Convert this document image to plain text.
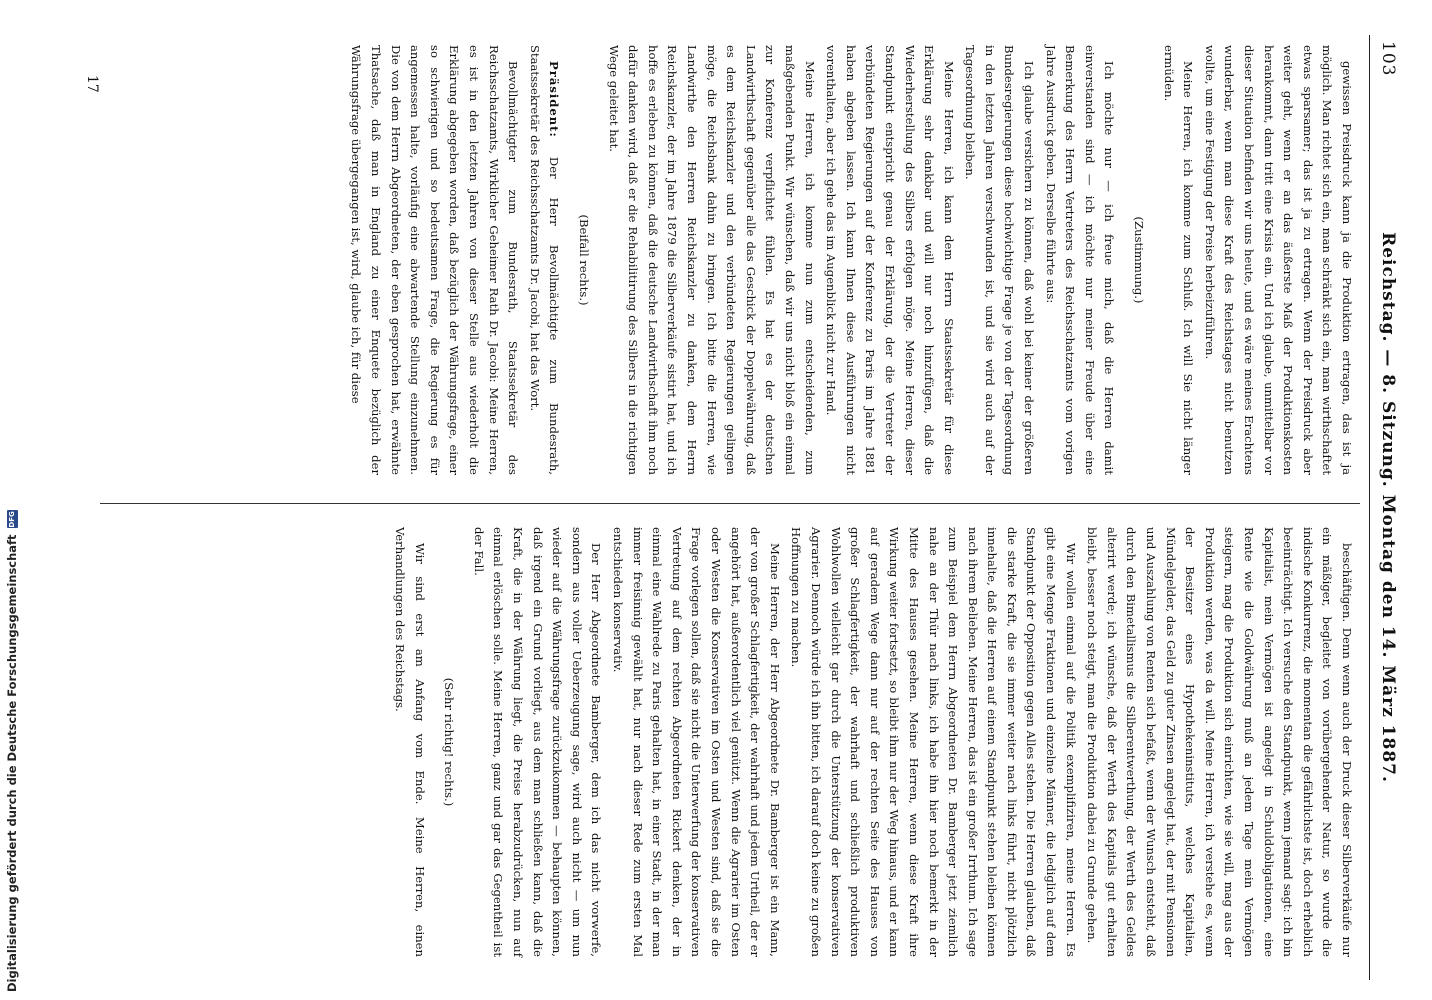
103
Reichstag. — 8. Sitzung. Montag den 14. März 1887.

gewissen Preisdruck kann ja die Produktion ertragen, das ist ja möglich. Man richtet sich ein, man schränkt sich ein, man wirthschaftet etwas sparsamer; das ist ja zu ertragen. Wenn der Preisdruck aber weiter geht, wenn er an das äußerste Maß der Produktionskosten herankommt, dann tritt eine Krisis ein. Und ich glaube, unmittelbar vor dieser Situation befinden wir uns heute, und es wäre meines Erachtens wunderbar, wenn man diese Kraft des Reichstages nicht benutzen wollte, um eine Festigung der Preise herbeizuführen.

Meine Herren, ich komme zum Schluß. Ich will Sie nicht länger ermüden.

(Zustimmung.)

Ich möchte nur — ich freue mich, daß die Herren damit einverstanden sind — ich möchte nur meiner Freude über eine Bemerkung des Herrn Vertreters des Reichsschatzamts vom vorigen Jahre Ausdruck geben. Derselbe führte aus:

Ich glaube versichern zu können, daß wohl bei keiner der größeren Bundesregierungen diese hochwichtige Frage je von der Tagesordnung in den letzten Jahren verschwunden ist, und sie wird auch auf der Tagesordnung bleiben.

Meine Herren, ich kann dem Herrn Staatssekretär für diese Erklärung sehr dankbar und will nur noch hinzufügen, daß die Wiederherstellung des Silbers erfolgen möge. Meine Herren, dieser Standpunkt entspricht genau der Erklärung, der die Vertreter der verbündeten Regierungen auf der Konferenz zu Paris im Jahre 1881 haben abgeben lassen. Ich kann Ihnen diese Ausführungen nicht vorenthalten, aber ich gehe das im Augenblick nicht zur Hand.

Meine Herren, ich komme nun zum entscheidenden, zum maßgebenden Punkt. Wir wünschen, daß wir uns nicht bloß ein einmal zur Konferenz verpflichtet fühlen. Es hat es der deutschen Landwirthschaft gegenüber alle das Geschick der Doppelwährung, daß es dem Reichskanzler und den verbündeten Regierungen gelingen möge, die Reichsbank dahin zu bringen. Ich bitte die Herren, wie Landwirthe den Herren Reichskanzler zu danken, dem Herrn Reichskanzler, der im Jahre 1879 die Silberverkäufe sistirt hat, und ich hoffe es erleben zu können, daß die deutsche Landwirthschaft ihm noch dafür danken wird, daß er die Rehabilitirung des Silbers in die richtigen Wege geleitet hat.

(Beifall rechts.)

Präsident: Der Herr Bevollmächtigte zum Bundesrath, Staatssekretär des Reichsschatzamts Dr. Jacobi, hat das Wort.

Bevollmächtigter zum Bundesrath, Staatssekretär des Reichsschatzamts, Wirklicher Geheimer Rath Dr. Jacobi: Meine Herren, es ist in den letzten Jahren von dieser Stelle aus wiederholt die Erklärung abgegeben worden, daß bezüglich der Währungsfrage, einer so schwierigen und so bedeutsamen Frage, die Regierung es für angemessen halte, vorläufig eine abwartende Stellung einzunehmen. Die von dem Herrn Abgeordneten, der eben gesprochen hat, erwähnte Thatsache, daß man in England zu einer Enquete bezüglich der Währungsfrage übergegangen ist, wird, glaube ich, für diese

beschäftigen. Denn wenn auch der Druck dieser Silberverkäufe nur ein mäßiger, begleitet von vorübergehender Natur, so wurde die indische Konkurrenz, die momentan die gefährlichste ist, doch erheblich beeinträchtigt. Ich versuche den Standpunkt, wenn jemand sagt: ich bin Kapitalist, mein Vermögen ist angelegt in Schuldobligationen, eine Rente wie die Goldwährung muß an jedem Tage mein Vermögen steigern, mag die Produktion sich einrichten, wie sie will, mag aus der Produktion werden, was da will. Meine Herren, ich verstehe es, wenn der Besitzer eines Hypothekeninstituts, welches Kapitalien, Mündelgelder, das Geld zu guter Zinsen angelegt hat, der mit Pensionen und Auszahlung von Renten sich befaßt, wenn der Wunsch entsteht, daß durch den Bimetallismus die Silberentwerthung, der Werth des Geldes alterirt werde; ich wünsche, daß der Werth des Kapitals gut erhalten bleibt, besser noch steigt, man die Produktion dabei zu Grunde gehen.

Wir wollen einmal auf die Politik exemplifiziren, meine Herren. Es gibt eine Menge Fraktionen und einzelne Männer, die lediglich auf dem Standpunkt der Opposition gegen Alles stehen. Die Herren glauben, daß die starke Kraft, die sie immer weiter nach links führt, nicht plötzlich innehalte, daß die Herren auf einem Standpunkt stehen bleiben können nach ihrem Belieben. Meine Herren, das ist ein großer Irrthum. Ich sage zum Beispiel dem Herrn Abgeordneten Dr. Bamberger jetzt ziemlich nahe an der Thür nach links, ich habe ihn hier noch bemerkt in der Mitte des Hauses gesehen. Meine Herren, wenn diese Kraft ihre Wirkung weiter fortsetzt, so bleibt ihm nur der Weg hinaus, und er kann auf geradem Wege dann nur auf der rechten Seite des Hauses von großer Schlagfertigkeit, der wahrhaft und schließlich produktiven Wohlwollen vielleicht gar durch die Unterstützung der konservativen Agrarier. Dennoch würde ich ihn bitten, ich darauf doch keine zu großen Hoffnungen zu machen.

Meine Herren, der Herr Abgeordnete Dr. Bamberger ist ein Mann, der von großer Schlagfertigkeit, der wahrhaft und jedem Urtheil, der er angehört hat, außerordentlich viel genützt. Wenn die Agrarier im Osten oder Westen die Konservativen im Osten und Westen sind, daß sie die Frage vorlegen sollen, daß sie nicht die Unterwerfung der konservativen Vertretung auf dem rechten Abgeordneten Rickert denken, der in einmal eine Wahlrede zu Paris gehalten hat, in einer Stadt, in der man immer freisinnig gewählt hat, nur nach dieser Rede zum ersten Mal entschieden konservativ.

Der Herr Abgeordnete Bamberger, dem ich das nicht vorwerfe, sondern aus voller Ueberzeugung sage, wird auch nicht — um nun wieder auf die Währungsfrage zurückzukommen — behaupten können, daß irgend ein Grund vorliegt, aus dem man schließen kann, daß die Kraft, die in der Währung liegt, die Preise herabzudrücken, nun auf einmal erlöschen solle. Meine Herren, ganz und gar das Gegentheil ist der Fall.

(Sehr richtig! rechts.)

Wir sind erst am Anfang vom Ende. Meine Herren, einen Verhandlungen des Reichstags.

17
Digitalisierung gefördert durch die Deutsche Forschungsgemeinschaft
DFG
